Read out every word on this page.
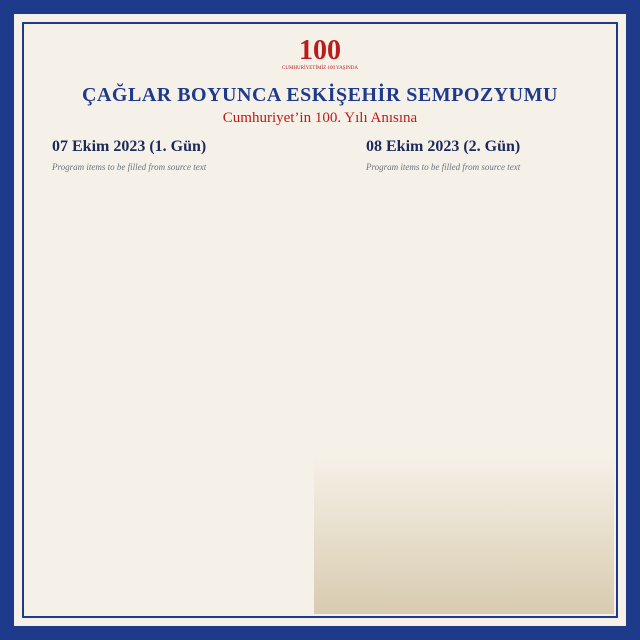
100
CUMHURİYETİMİZ 100 YAŞINDA
ÇAĞLAR BOYUNCA ESKİŞEHİR SEMPOZYUMU
Cumhuriyet’in 100. Yılı Anısına
07 Ekim 2023 (1. Gün)
Program items to be filled from source text
08 Ekim 2023 (2. Gün)
Program items to be filled from source text
